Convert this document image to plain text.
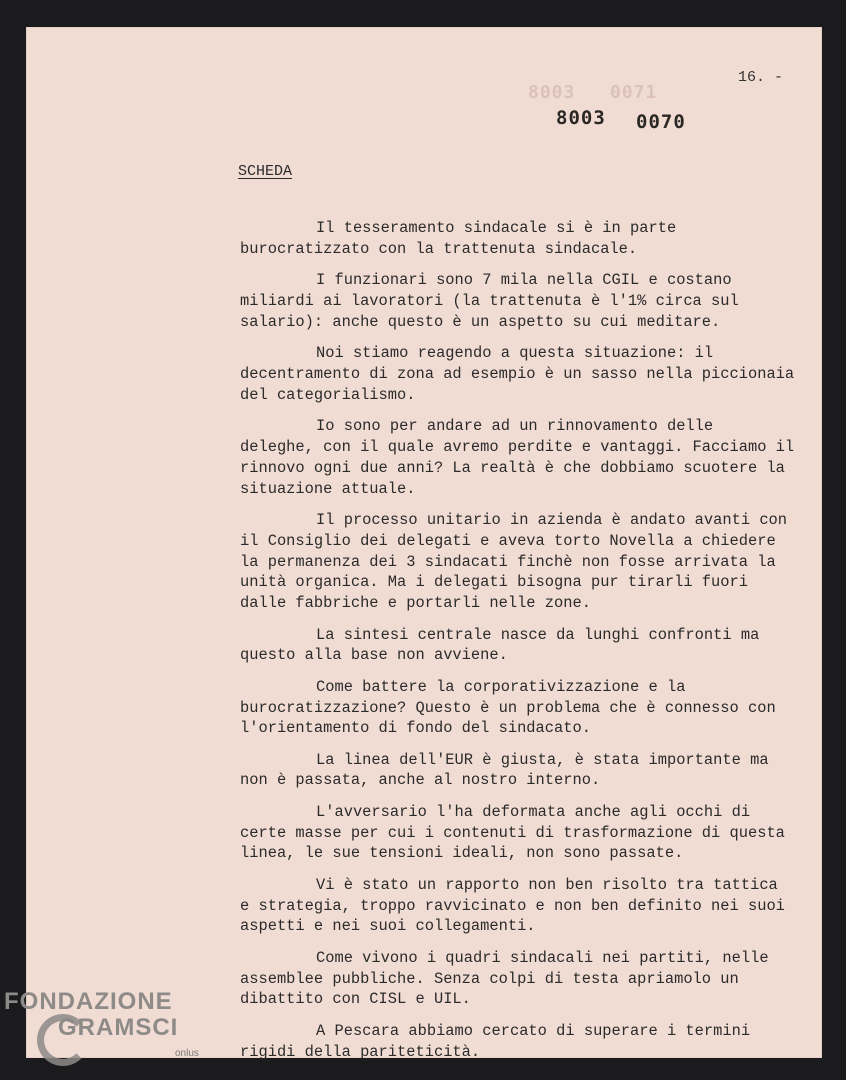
8003 0071
8003 0070
16. -
SCHEDA

Il tesseramento sindacale si è in parte burocratizzato con la trattenuta sindacale.

I funzionari sono 7 mila nella CGIL e costano miliardi ai lavoratori (la trattenuta è l'1% circa sul salario): anche questo è un aspetto su cui meditare.

Noi stiamo reagendo a questa situazione: il decentramento di zona ad esempio è un sasso nella piccionaia del categorialismo.

Io sono per andare ad un rinnovamento delle deleghe, con il quale avremo perdite e vantaggi. Facciamo il rinnovo ogni due anni? La realtà è che dobbiamo scuotere la situazione attuale.

Il processo unitario in azienda è andato avanti con il Consiglio dei delegati e aveva torto Novella a chiedere la permanenza dei 3 sindacati finchè non fosse arrivata la unità organica. Ma i delegati bisogna pur tirarli fuori dalle fabbriche e portarli nelle zone.

La sintesi centrale nasce da lunghi confronti ma questo alla base non avviene.

Come battere la corporativizzazione e la burocratizzazione? Questo è un problema che è connesso con l'orientamento di fondo del sindacato.

La linea dell'EUR è giusta, è stata importante ma non è passata, anche al nostro interno.

L'avversario l'ha deformata anche agli occhi di certe masse per cui i contenuti di trasformazione di questa linea, le sue tensioni ideali, non sono passate.

Vi è stato un rapporto non ben risolto tra tattica e strategia, troppo ravvicinato e non ben definito nei suoi aspetti e nei suoi collegamenti.

Come vivono i quadri sindacali nei partiti, nelle assemblee pubbliche. Senza colpi di testa apriamolo un dibattito con CISL e UIL.

A Pescara abbiamo cercato di superare i termini rigidi della pariteticità.

FONDAZIONE
GRAMSCI
onlus
